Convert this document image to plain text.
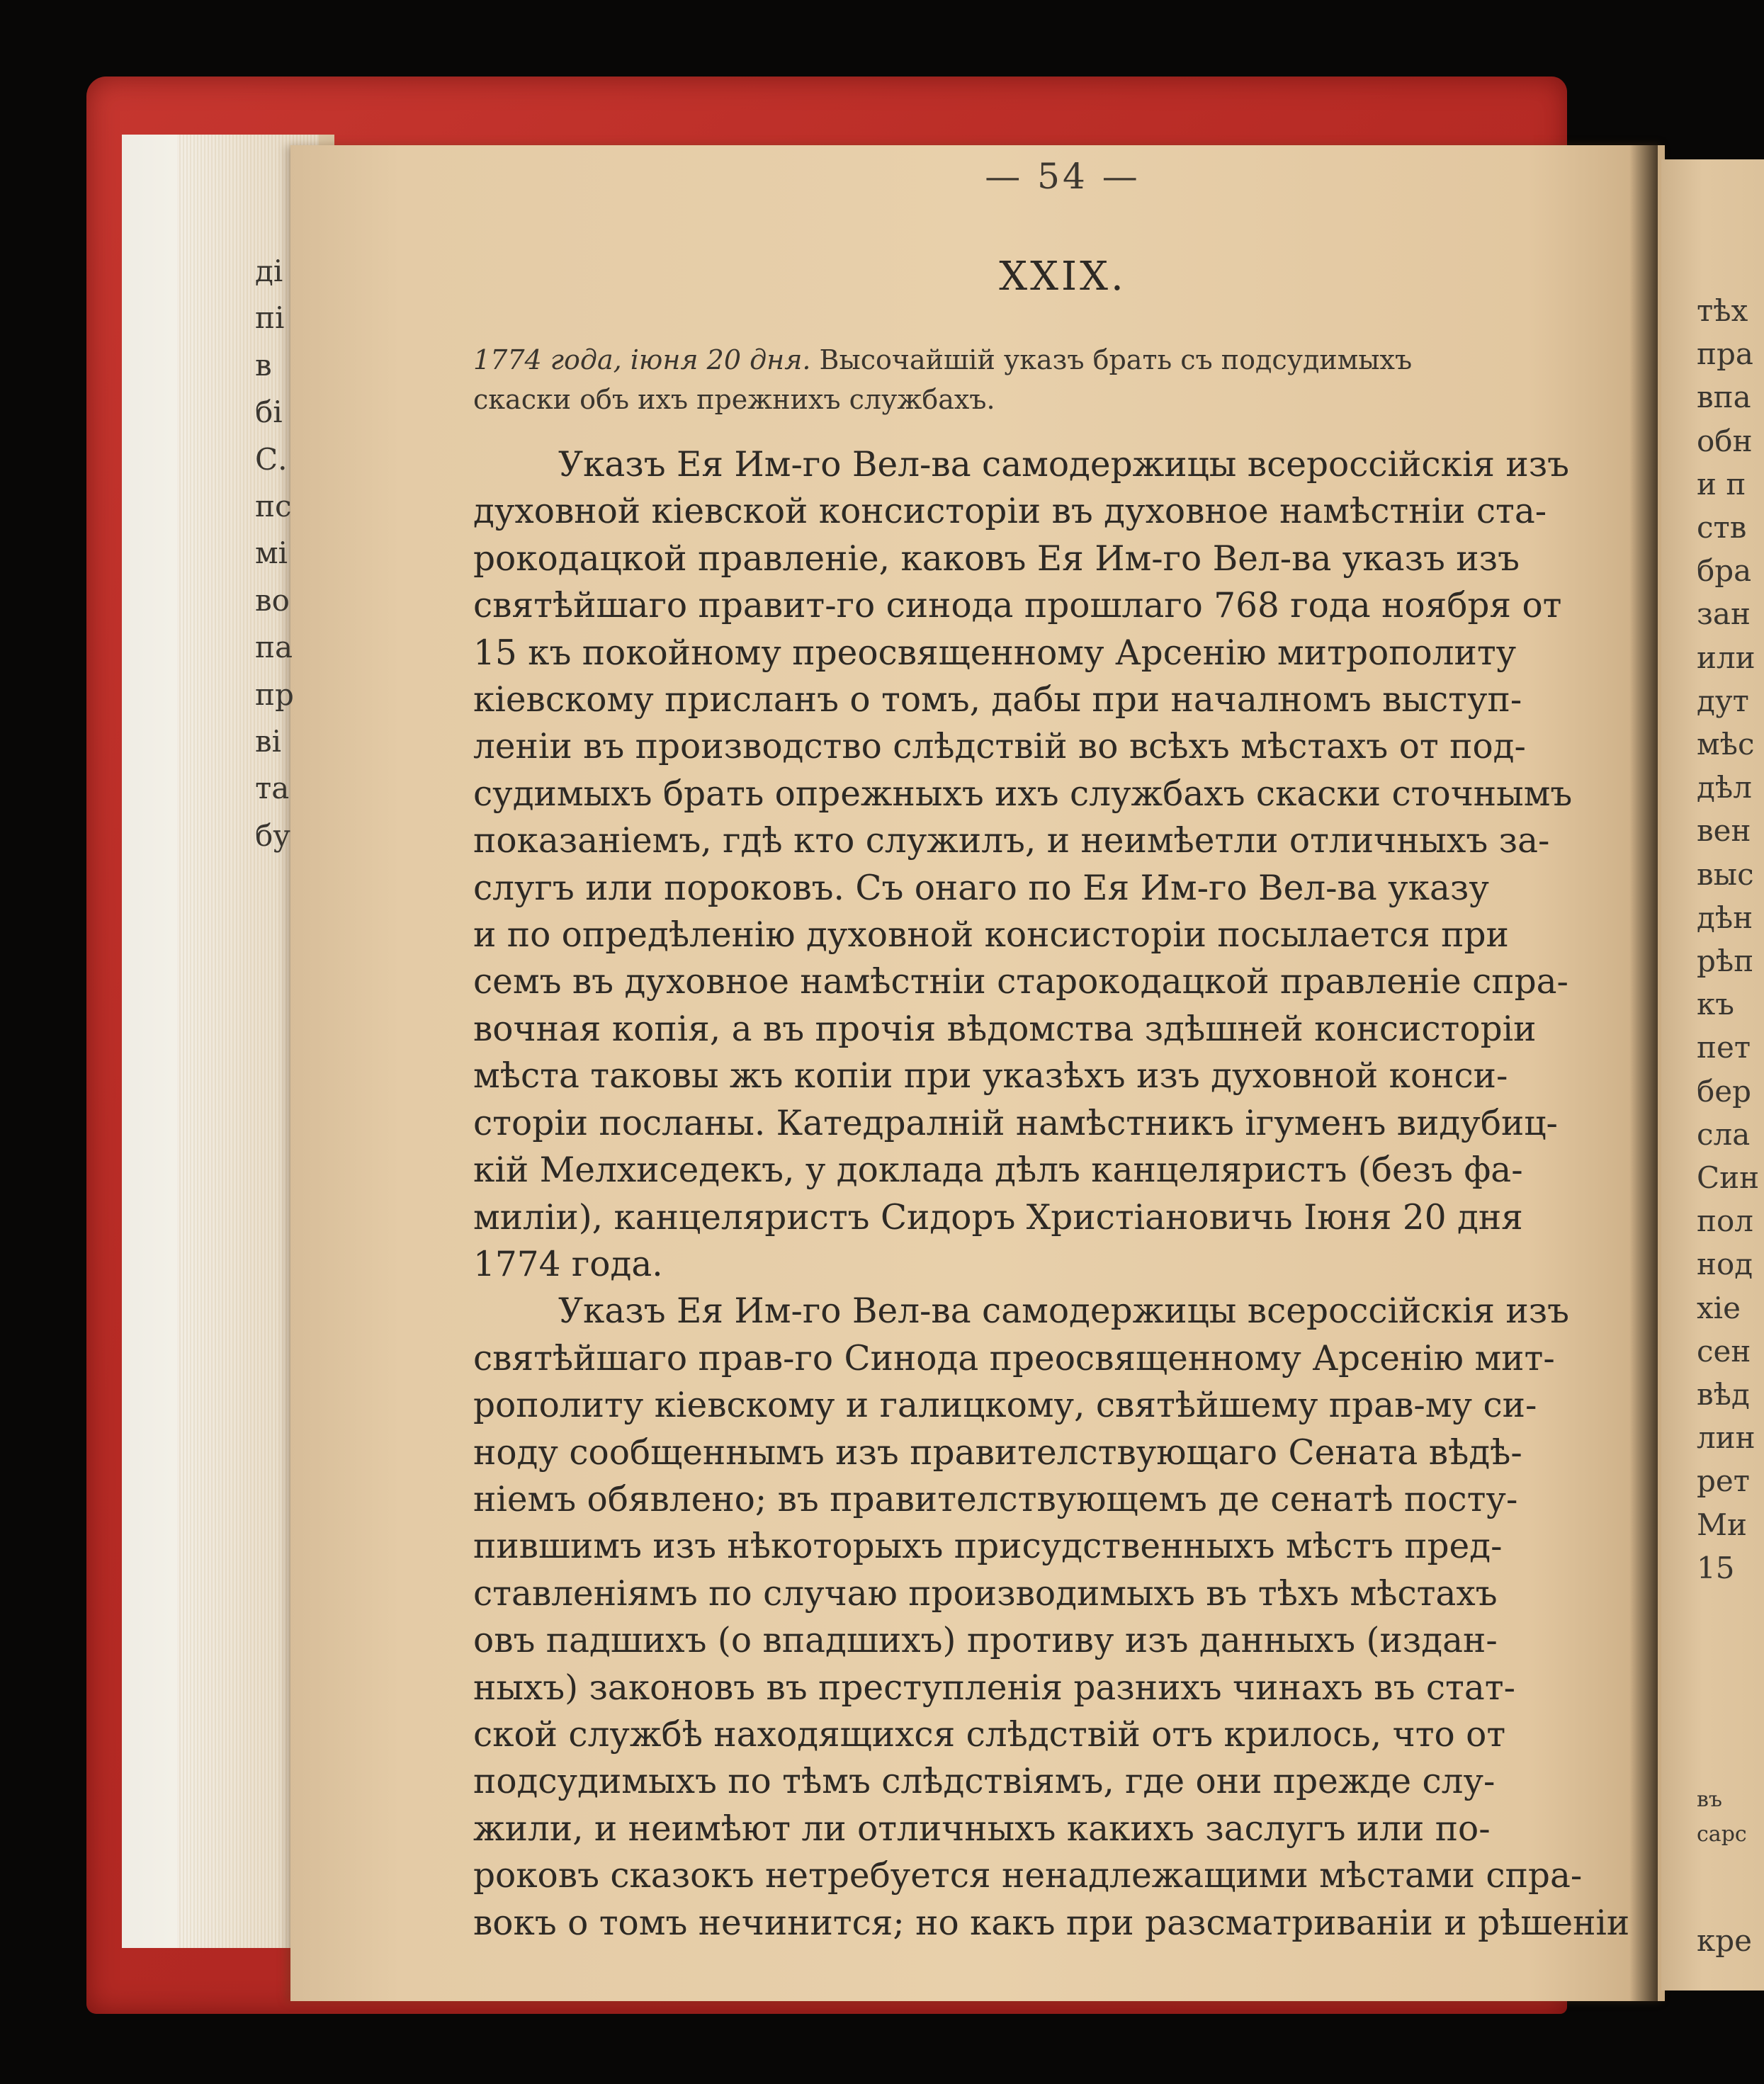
ді
пі
в
бі
С.
пс
мі
во
па
пр
ві
та
бу
тѣх
пра
впа
обн
и п
ств
бра
зан
или
дут
мѣс
дѣл
вен
выс
дѣн
рѣп
къ
пет
бер
сла
Син
пол
нод
хіе
сен
вѣд
лин
рет
Ми
15
въ
сарс
кре
— 54 —
XXIX.

1774 года, іюня 20 дня. Высочайшій указъ брать съ подсудимыхъ
скаски объ ихъ прежнихъ службахъ.

Указъ Ея Им-го Вел-ва самодержицы всероссійскія изъ
духовной кіевской консисторіи въ духовное намѣстніи ста-
рокодацкой правленіе, каковъ Ея Им-го Вел-ва указъ изъ
святѣйшаго правит-го синода прошлаго 768 года ноября от
15 къ покойному преосвященному Арсенію митрополиту
кіевскому присланъ о томъ, дабы при началномъ выступ-
леніи въ производство слѣдствій во всѣхъ мѣстахъ от под-
судимыхъ брать опрежныхъ ихъ службахъ скаски сточнымъ
показаніемъ, гдѣ кто служилъ, и неимѣетли отличныхъ за-
слугъ или пороковъ. Съ онаго по Ея Им-го Вел-ва указу
и по опредѣленію духовной консисторіи посылается при
семъ въ духовное намѣстніи старокодацкой правленіе спра-
вочная копія, а въ прочія вѣдомства здѣшней консисторіи
мѣста таковы жъ копіи при указѣхъ изъ духовной конси-
сторіи посланы. Катедралній намѣстникъ ігуменъ видубиц-
кій Мелхиседекъ, у доклада дѣлъ канцеляристъ (безъ фа-
миліи), канцеляристъ Сидоръ Христіановичь Іюня 20 дня
1774 года.
Указъ Ея Им-го Вел-ва самодержицы всероссійскія изъ
святѣйшаго прав-го Синода преосвященному Арсенію мит-
рополиту кіевскому и галицкому, святѣйшему прав-му си-
ноду сообщеннымъ изъ правителствующаго Сената вѣдѣ-
ніемъ обявлено; въ правителствующемъ де сенатѣ посту-
пившимъ изъ нѣкоторыхъ присудственныхъ мѣстъ пред-
ставленіямъ по случаю производимыхъ въ тѣхъ мѣстахъ
овъ падшихъ (о впадшихъ) противу изъ данныхъ (издан-
ныхъ) законовъ въ преступленія разнихъ чинахъ въ стат-
ской службѣ находящихся слѣдствій отъ крилось, что от
подсудимыхъ по тѣмъ слѣдствіямъ, где они прежде слу-
жили, и неимѣют ли отличныхъ какихъ заслугъ или по-
роковъ сказокъ нетребуется ненадлежащими мѣстами спра-
вокъ о томъ нечинится; но какъ при разсматриваніи и рѣшеніи
